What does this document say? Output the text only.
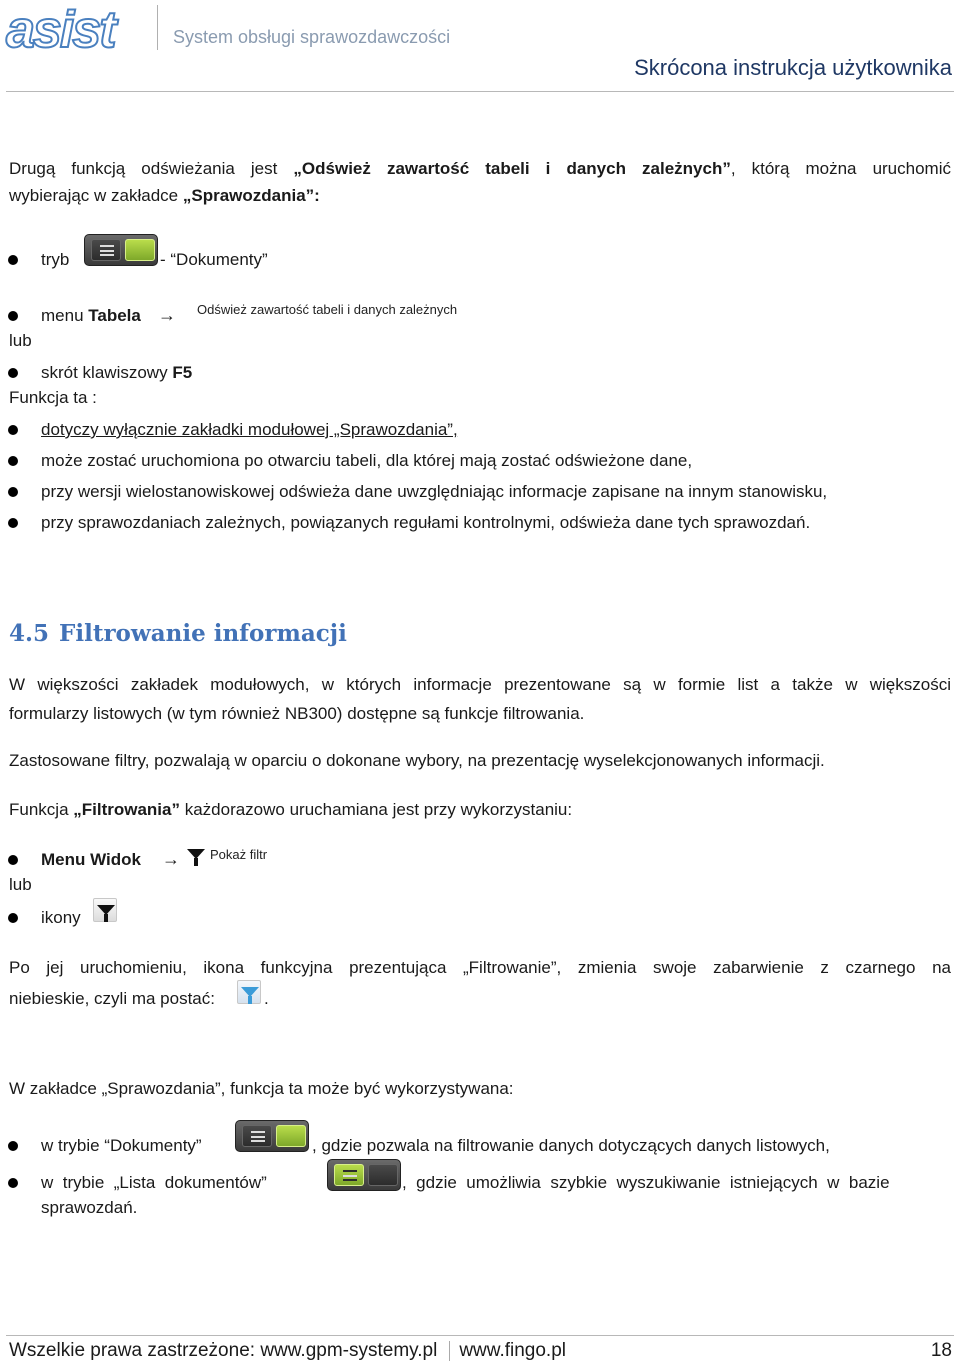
asist	System obsługi sprawozdawczości
Skrócona instrukcja użytkownika
Drugą funkcją odświeżania jest „Odśwież zawartość tabeli i danych zależnych”, którą można uruchomić
wybierając w zakładce „Sprawozdania”:
tryb	- “Dokumenty”
menu Tabela → Odśwież zawartość tabeli i danych zależnych
lub
skrót klawiszowy F5
Funkcja ta :
dotyczy wyłącznie zakładki modułowej „Sprawozdania”,
może zostać uruchomiona po otwarciu tabeli, dla której mają zostać odświeżone dane,
przy wersji wielostanowiskowej odświeża dane uwzględniając informacje zapisane na innym stanowisku,
przy sprawozdaniach zależnych, powiązanych regułami kontrolnymi, odświeża dane tych sprawozdań.
4.5 Filtrowanie informacji
W większości zakładek modułowych, w których informacje prezentowane są w formie list a także w większości
formularzy listowych (w tym również NB300) dostępne są funkcje filtrowania.
Zastosowane filtry, pozwalają w oparciu o dokonane wybory, na prezentację wyselekcjonowanych informacji.
Funkcja „Filtrowania” każdorazowo uruchamiana jest przy wykorzystaniu:
Menu Widok → Pokaż filtr
lub
ikony
Po jej uruchomieniu, ikona funkcyjna prezentująca „Filtrowanie”, zmienia swoje zabarwienie z czarnego na
niebieskie, czyli ma postać:	.
W zakładce „Sprawozdania”, funkcja ta może być wykorzystywana:
w trybie “Dokumenty”	, gdzie pozwala na filtrowanie danych dotyczących danych listowych,
w  trybie  „Lista  dokumentów”	,  gdzie  umożliwia  szybkie  wyszukiwanie  istniejących  w  bazie
sprawozdań.
Wszelkie prawa zastrzeżone: www.gpm-systemy.pl www.fingo.pl	18
